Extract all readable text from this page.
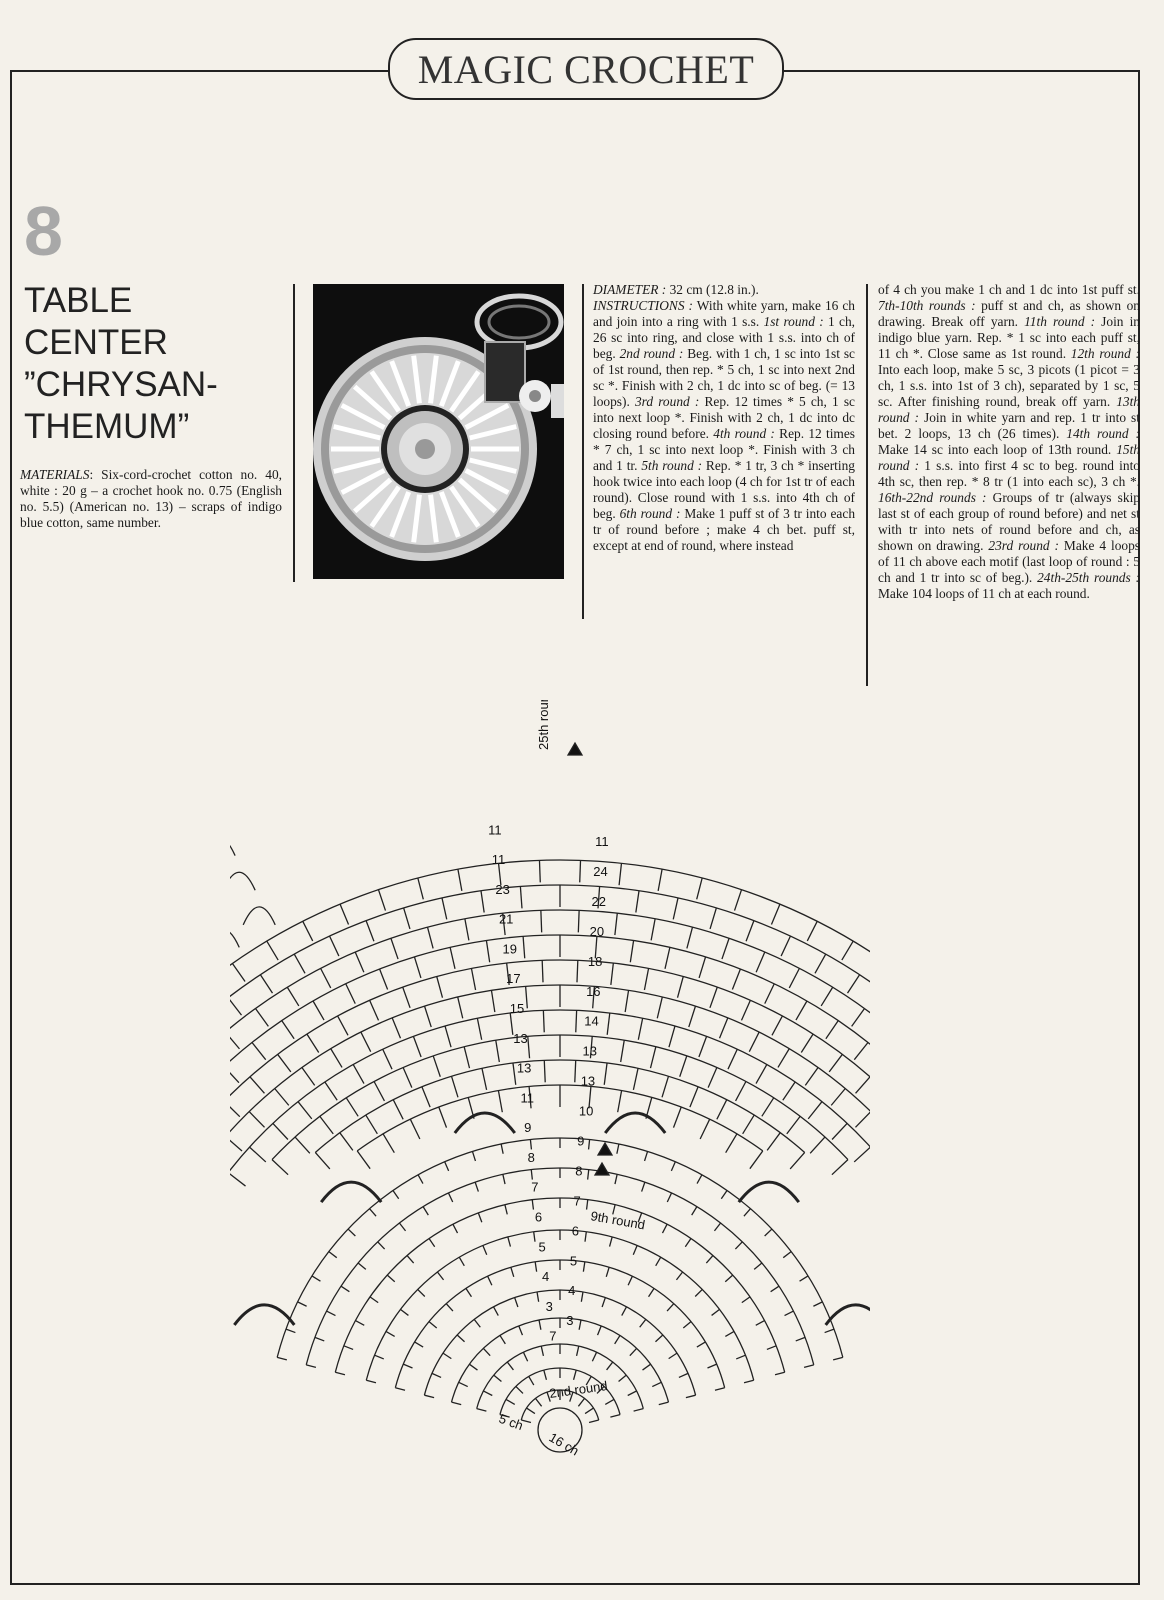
MAGIC CROCHET
8
TABLE
CENTER
”CHRYSAN-
THEMUM”
MATERIALS: Six-cord-crochet cotton no. 40, white : 20 g – a crochet hook no. 0.75 (English no. 5.5) (American no. 13) – scraps of indigo blue cotton, same number.
DIAMETER : 32 cm (12.8 in.).
INSTRUCTIONS : With white yarn, make 16 ch and join into a ring with 1 s.s. 1st round : 1 ch, 26 sc into ring, and close with 1 s.s. into ch of beg. 2nd round : Beg. with 1 ch, 1 sc into 1st sc of 1st round, then rep. * 5 ch, 1 sc into next 2nd sc *. Finish with 2 ch, 1 dc into sc of beg. (= 13 loops). 3rd round : Rep. 12 times * 5 ch, 1 sc into next loop *. Finish with 2 ch, 1 dc into dc closing round before. 4th round : Rep. 12 times * 7 ch, 1 sc into next loop *. Finish with 3 ch and 1 tr. 5th round : Rep. * 1 tr, 3 ch * inserting hook twice into each loop (4 ch for 1st tr of each round). Close round with 1 s.s. into 4th ch of beg. 6th round : Make 1 puff st of 3 tr into each tr of round before ; make 4 ch bet. puff st, except at end of round, where instead
of 4 ch you make 1 ch and 1 dc into 1st puff st. 7th-10th rounds : puff st and ch, as shown on drawing. Break off yarn. 11th round : Join in indigo blue yarn. Rep. * 1 sc into each puff st, 11 ch *. Close same as 1st round. 12th round : Into each loop, make 5 sc, 3 picots (1 picot = 3 ch, 1 s.s. into 1st of 3 ch), separated by 1 sc, 5 sc. After finishing round, break off yarn. 13th round : Join in white yarn and rep. 1 tr into st bet. 2 loops, 13 ch (26 times). 14th round : Make 14 sc into each loop of 13th round. 15th round : 1 s.s. into first 4 sc to beg. round into 4th sc, then rep. * 8 tr (1 into each sc), 3 ch *. 16th-22nd rounds : Groups of tr (always skip last st of each group of round before) and net st with tr into nets of round before and ch, as shown on drawing. 23rd round : Make 4 loops of 11 ch above each motif (last loop of round : 5 ch and 1 tr into sc of beg.). 24th-25th rounds : Make 104 loops of 11 ch at each round.
25th round
9th round
2nd round
16 ch
5 ch
11
11
11
24
23
22
21
20
19
18
17
16
15
14
13
13
13
13
11
10
9
9
8
8
7
7
6
6
5
5
4
4
3
3
7
